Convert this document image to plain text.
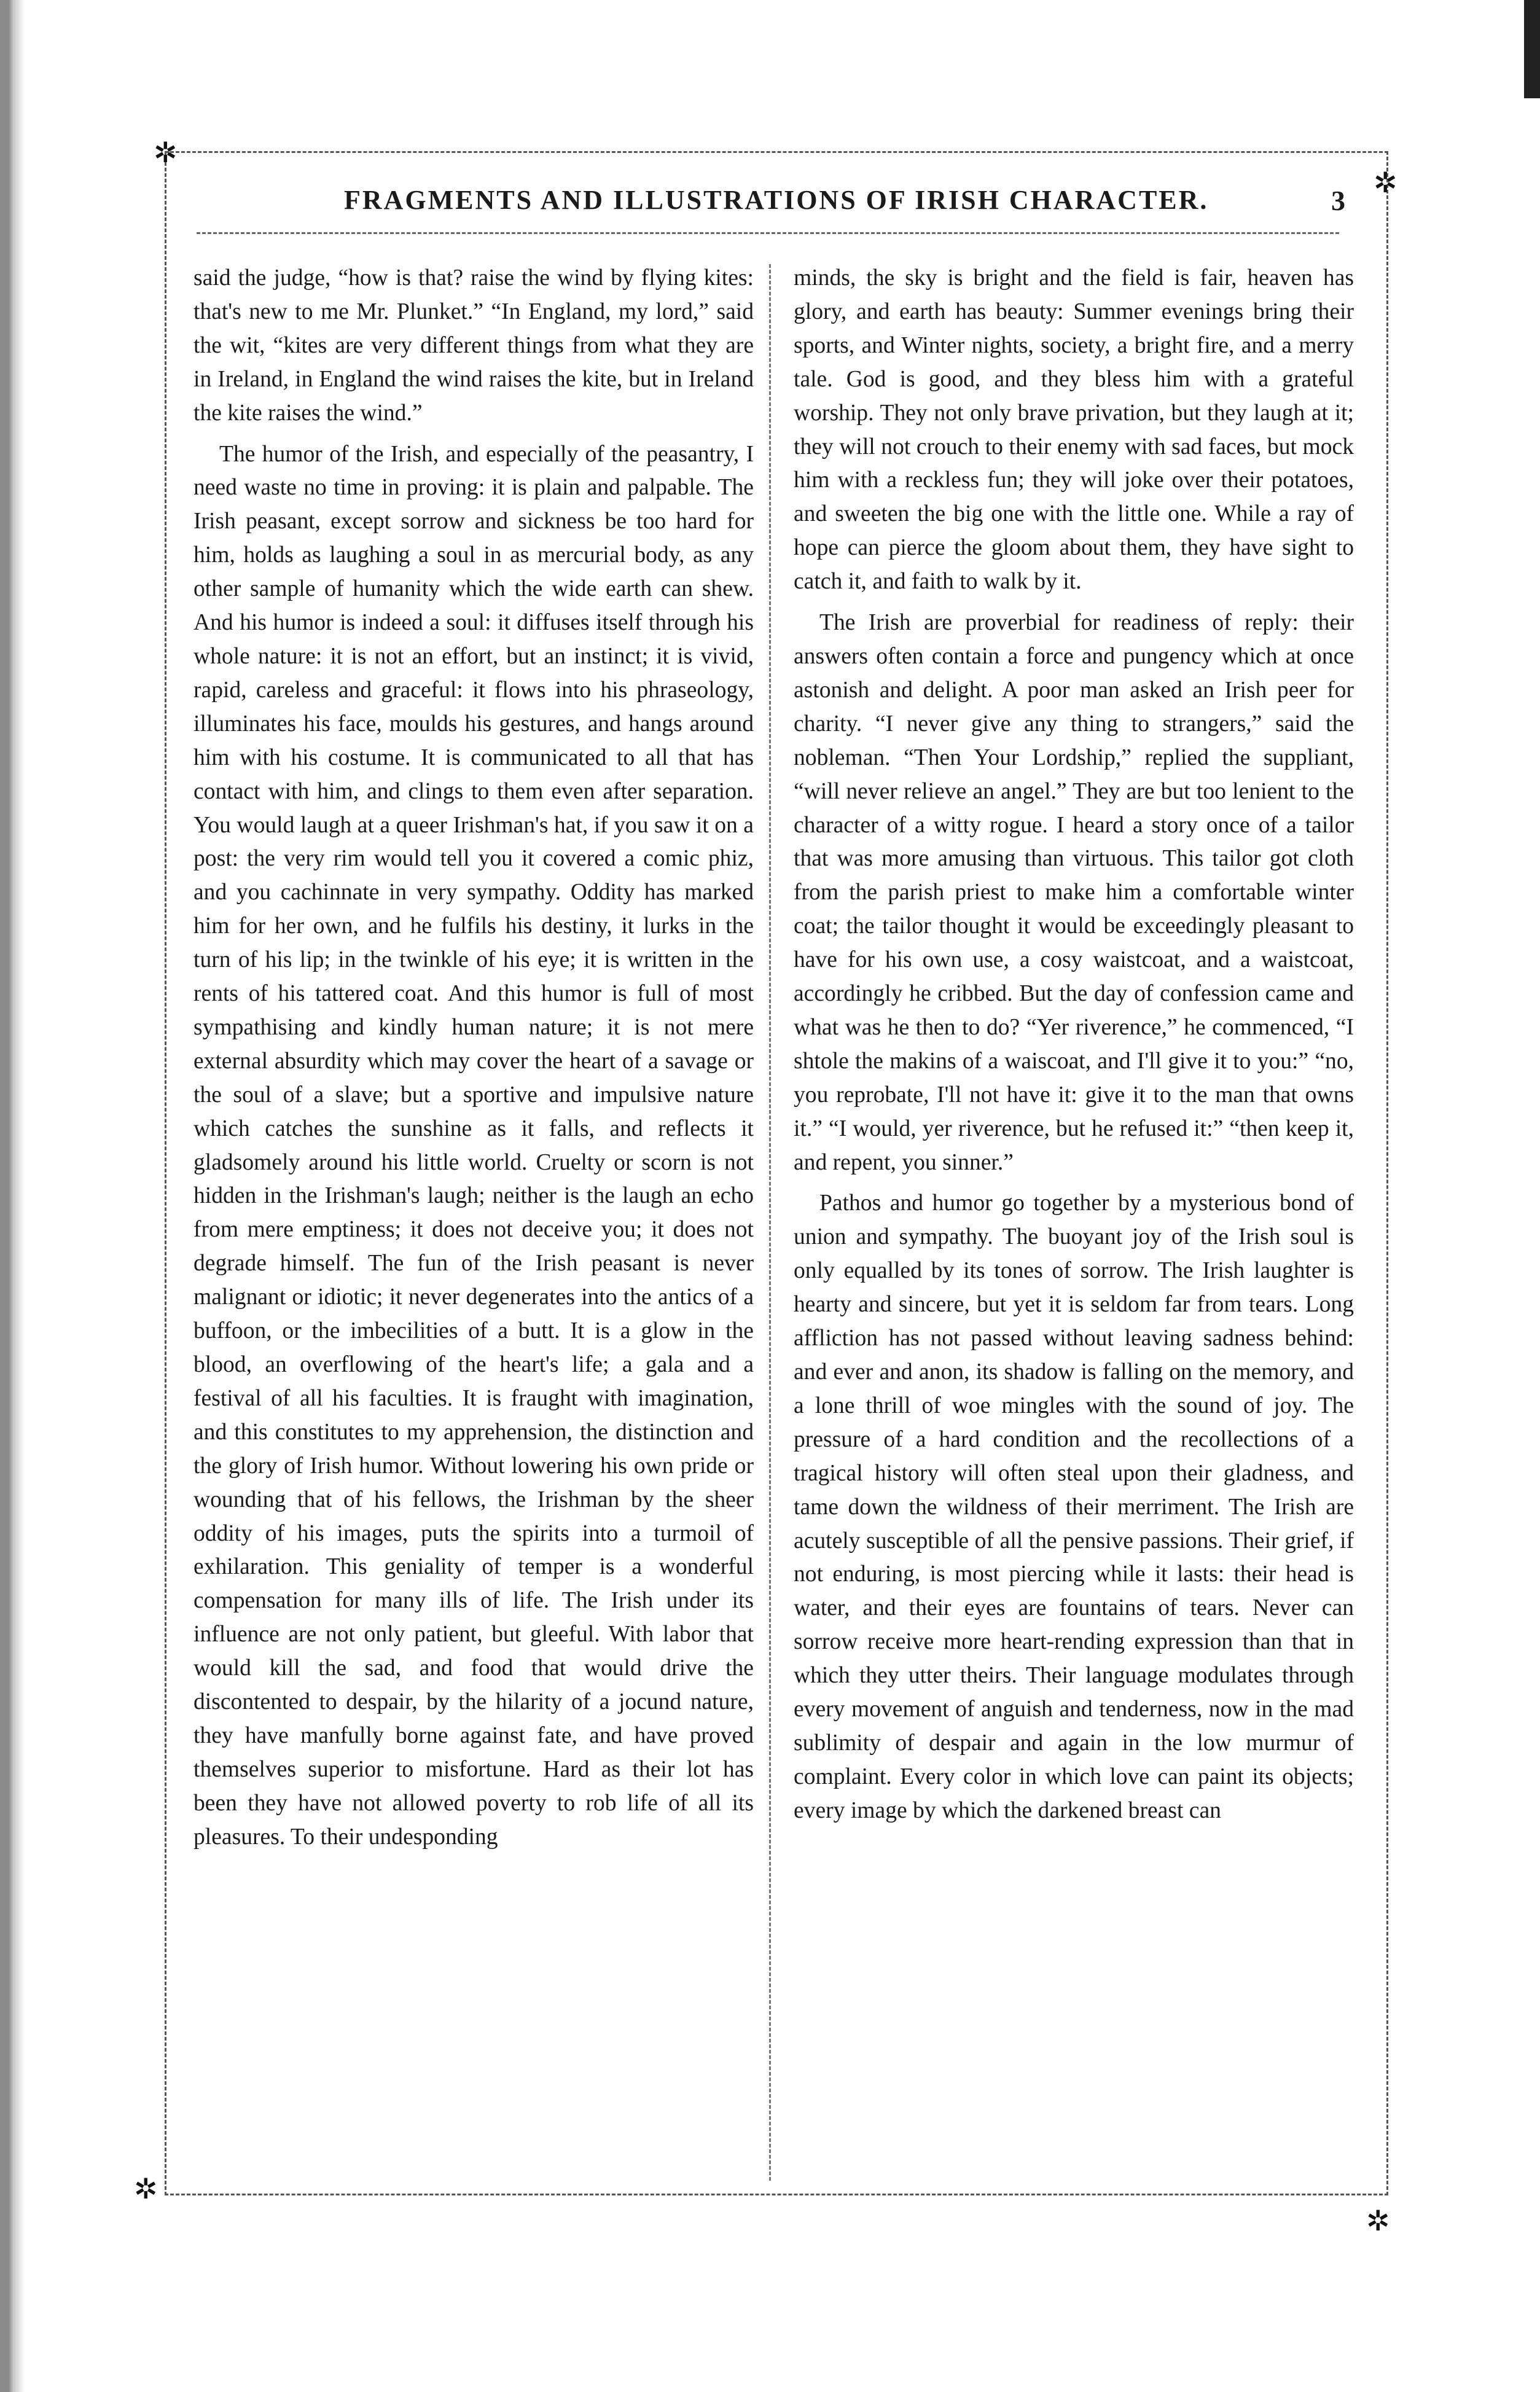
✲
✲
✲
✲
FRAGMENTS AND ILLUSTRATIONS OF IRISH CHARACTER.	3

said the judge, “how is that? raise the wind by flying kites: that's new to me Mr. Plunket.” “In England, my lord,” said the wit, “kites are very different things from what they are in Ireland, in England the wind raises the kite, but in Ireland the kite raises the wind.”

The humor of the Irish, and especially of the peasantry, I need waste no time in proving: it is plain and palpable. The Irish peasant, except sorrow and sickness be too hard for him, holds as laughing a soul in as mercurial body, as any other sample of humanity which the wide earth can shew. And his humor is indeed a soul: it diffuses itself through his whole nature: it is not an effort, but an instinct; it is vivid, rapid, careless and graceful: it flows into his phraseology, illuminates his face, moulds his gestures, and hangs around him with his costume. It is communicated to all that has contact with him, and clings to them even after separation. You would laugh at a queer Irishman's hat, if you saw it on a post: the very rim would tell you it covered a comic phiz, and you cachinnate in very sympathy. Oddity has marked him for her own, and he fulfils his destiny, it lurks in the turn of his lip; in the twinkle of his eye; it is written in the rents of his tattered coat. And this humor is full of most sympathising and kindly human nature; it is not mere external absurdity which may cover the heart of a savage or the soul of a slave; but a sportive and impulsive nature which catches the sunshine as it falls, and reflects it gladsomely around his little world. Cruelty or scorn is not hidden in the Irishman's laugh; neither is the laugh an echo from mere emptiness; it does not deceive you; it does not degrade himself. The fun of the Irish peasant is never malignant or idiotic; it never degenerates into the antics of a buffoon, or the imbecilities of a butt. It is a glow in the blood, an overflowing of the heart's life; a gala and a festival of all his faculties. It is fraught with imagination, and this constitutes to my apprehension, the distinction and the glory of Irish humor. Without lowering his own pride or wounding that of his fellows, the Irishman by the sheer oddity of his images, puts the spirits into a turmoil of exhilaration. This geniality of temper is a wonderful compensation for many ills of life. The Irish under its influence are not only patient, but gleeful. With labor that would kill the sad, and food that would drive the discontented to despair, by the hilarity of a jocund nature, they have manfully borne against fate, and have proved themselves superior to misfortune. Hard as their lot has been they have not allowed poverty to rob life of all its pleasures. To their undesponding

minds, the sky is bright and the field is fair, heaven has glory, and earth has beauty: Summer evenings bring their sports, and Winter nights, society, a bright fire, and a merry tale. God is good, and they bless him with a grateful worship. They not only brave privation, but they laugh at it; they will not crouch to their enemy with sad faces, but mock him with a reckless fun; they will joke over their potatoes, and sweeten the big one with the little one. While a ray of hope can pierce the gloom about them, they have sight to catch it, and faith to walk by it.

The Irish are proverbial for readiness of reply: their answers often contain a force and pungency which at once astonish and delight. A poor man asked an Irish peer for charity. “I never give any thing to strangers,” said the nobleman. “Then Your Lordship,” replied the suppliant, “will never relieve an angel.” They are but too lenient to the character of a witty rogue. I heard a story once of a tailor that was more amusing than virtuous. This tailor got cloth from the parish priest to make him a comfortable winter coat; the tailor thought it would be exceedingly pleasant to have for his own use, a cosy waistcoat, and a waistcoat, accordingly he cribbed. But the day of confession came and what was he then to do? “Yer riverence,” he commenced, “I shtole the makins of a waiscoat, and I'll give it to you:” “no, you reprobate, I'll not have it: give it to the man that owns it.” “I would, yer riverence, but he refused it:” “then keep it, and repent, you sinner.”

Pathos and humor go together by a mysterious bond of union and sympathy. The buoyant joy of the Irish soul is only equalled by its tones of sorrow. The Irish laughter is hearty and sincere, but yet it is seldom far from tears. Long affliction has not passed without leaving sadness behind: and ever and anon, its shadow is falling on the memory, and a lone thrill of woe mingles with the sound of joy. The pressure of a hard condition and the recollections of a tragical history will often steal upon their gladness, and tame down the wildness of their merriment. The Irish are acutely susceptible of all the pensive passions. Their grief, if not enduring, is most piercing while it lasts: their head is water, and their eyes are fountains of tears. Never can sorrow receive more heart-rending expression than that in which they utter theirs. Their language modulates through every movement of anguish and tenderness, now in the mad sublimity of despair and again in the low murmur of complaint. Every color in which love can paint its objects; every image by which the darkened breast can
